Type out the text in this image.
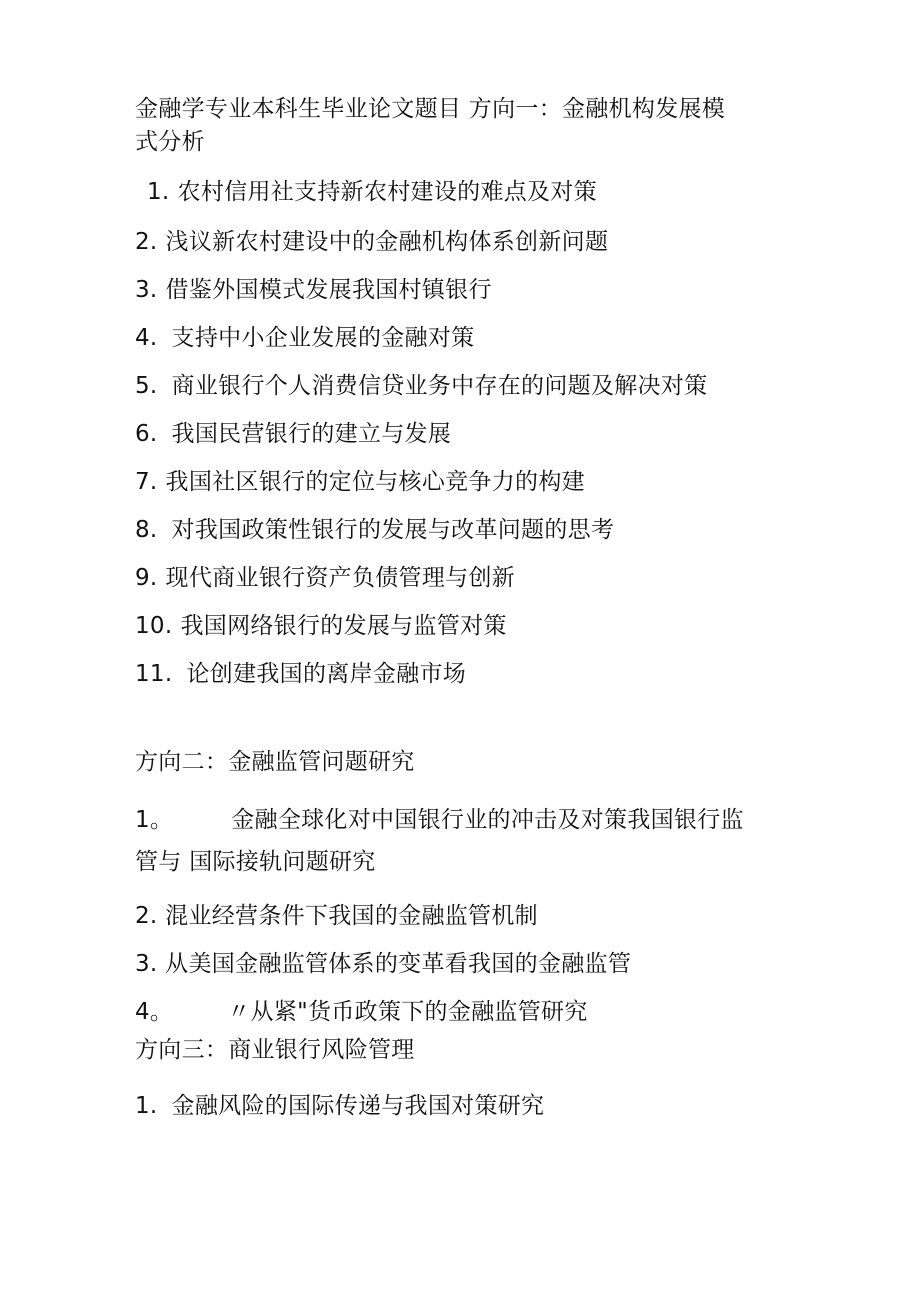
金融学专业本科生毕业论文题目 方向一：金融机构发展模
式分析
1. 农村信用社支持新农村建设的难点及对策
2. 浅议新农村建设中的金融机构体系创新问题
3. 借鉴外国模式发展我国村镇银行
4. 支持中小企业发展的金融对策
5. 商业银行个人消费信贷业务中存在的问题及解决对策
6. 我国民营银行的建立与发展
7. 我国社区银行的定位与核心竞争力的构建
8. 对我国政策性银行的发展与改革问题的思考
9. 现代商业银行资产负债管理与创新
10. 我国网络银行的发展与监管对策
11. 论创建我国的离岸金融市场
方向二：金融监管问题研究
1。	金融全球化对中国银行业的冲击及对策我国银行监
管与 国际接轨问题研究
2. 混业经营条件下我国的金融监管机制
3. 从美国金融监管体系的变革看我国的金融监管
4。 〃从紧"货币政策下的金融监管研究
方向三：商业银行风险管理
1. 金融风险的国际传递与我国对策研究
